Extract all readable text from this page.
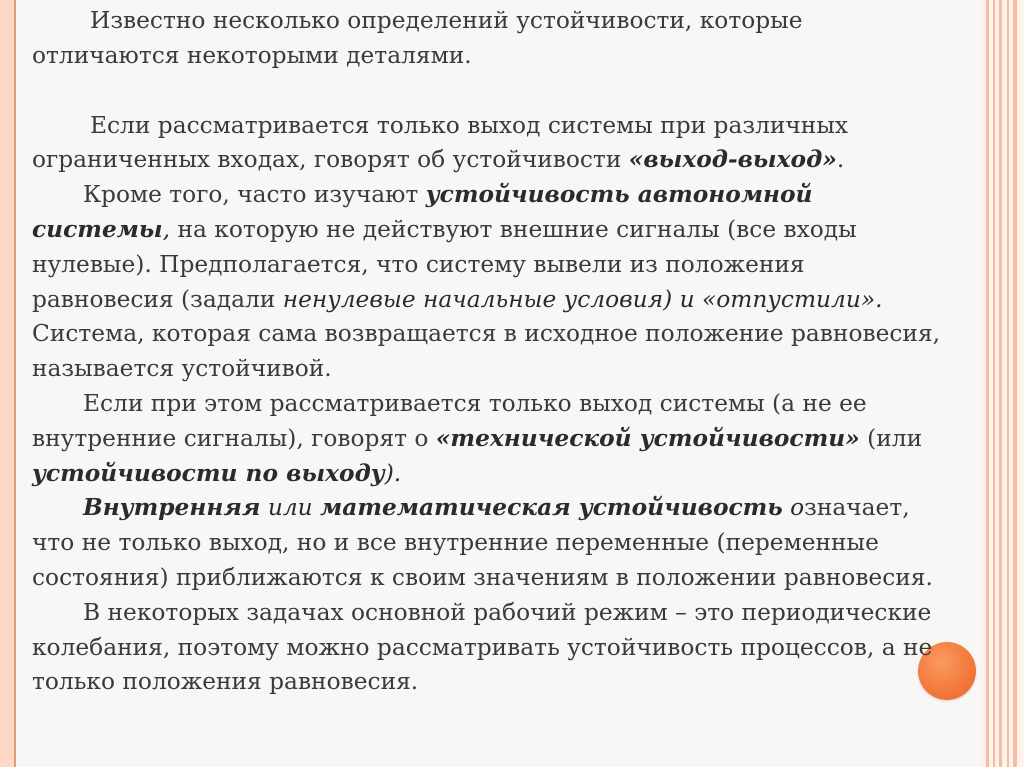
Известно несколько определений устойчивости, которые
отличаются некоторыми деталями.

Если рассматривается только выход системы при различных ограниченных входах, говорят об устойчивости «выход-выход».

Кроме того, часто изучают устойчивость автономной системы, на которую не действуют внешние сигналы (все входы нулевые). Предполагается, что систему вывели из положения равновесия (задали ненулевые начальные условия) и «отпустили». Система, которая сама возвращается в исходное положение равновесия, называется устойчивой.

Если при этом рассматривается только выход системы (а не ее внутренние сигналы), говорят о «технической устойчивости» (или устойчивости по выходу).

Внутренняя или математическая устойчивость означает, что не только выход, но и все внутренние переменные (переменные состояния) приближаются к своим значениям в положении равновесия.

В некоторых задачах основной рабочий режим – это периодические колебания, поэтому можно рассматривать устойчивость процессов, а не только положения равновесия.
